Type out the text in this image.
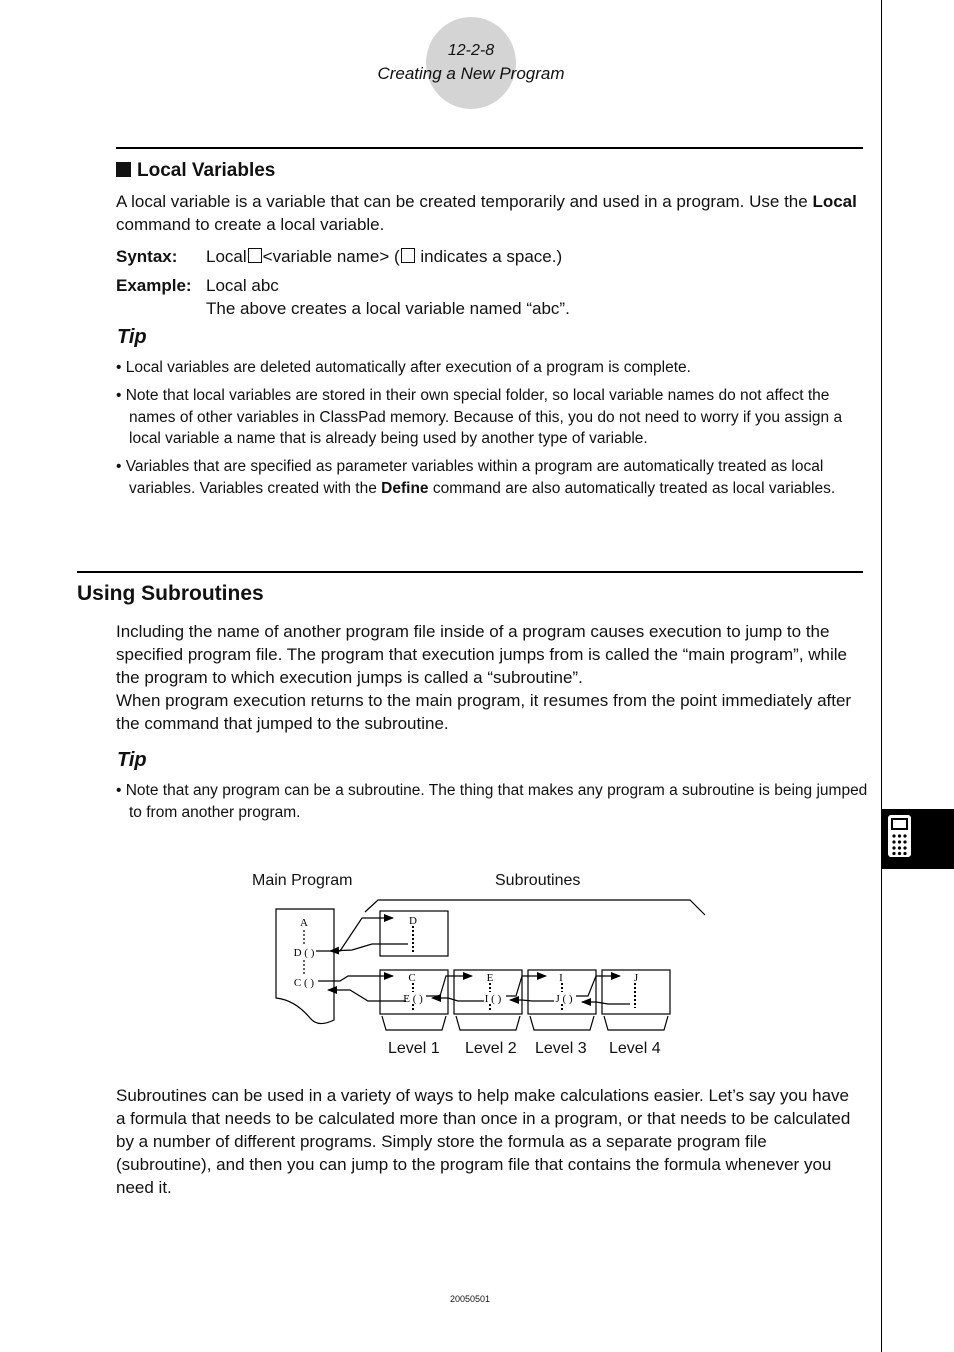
12-2-8
Creating a New Program
Local Variables
A local variable is a variable that can be created temporarily and used in a program. Use the Local command to create a local variable.
Syntax: Local <variable name> ( indicates a space.)
Example: Local abc
The above creates a local variable named “abc”.
Tip
• Local variables are deleted automatically after execution of a program is complete.
• Note that local variables are stored in their own special folder, so local variable names do not affect the names of other variables in ClassPad memory. Because of this, you do not need to worry if you assign a local variable a name that is already being used by another type of variable.
• Variables that are specified as parameter variables within a program are automatically treated as local variables. Variables created with the Define command are also automatically treated as local variables.
Using Subroutines
Including the name of another program file inside of a program causes execution to jump to the specified program file. The program that execution jumps from is called the “main program”, while the program to which execution jumps is called a “subroutine”.
When program execution returns to the main program, it resumes from the point immediately after the command that jumped to the subroutine.
Tip
• Note that any program can be a subroutine. The thing that makes any program a subroutine is being jumped to from another program.
Main Program	Subroutines
A
D ( )
C ( )
D
C
E ( )
E
I ( )
I
J ( )
J
Level 1 Level 2 Level 3 Level 4
Subroutines can be used in a variety of ways to help make calculations easier. Let’s say you have a formula that needs to be calculated more than once in a program, or that needs to be calculated by a number of different programs. Simply store the formula as a separate program file (subroutine), and then you can jump to the program file that contains the formula whenever you need it.
20050501
